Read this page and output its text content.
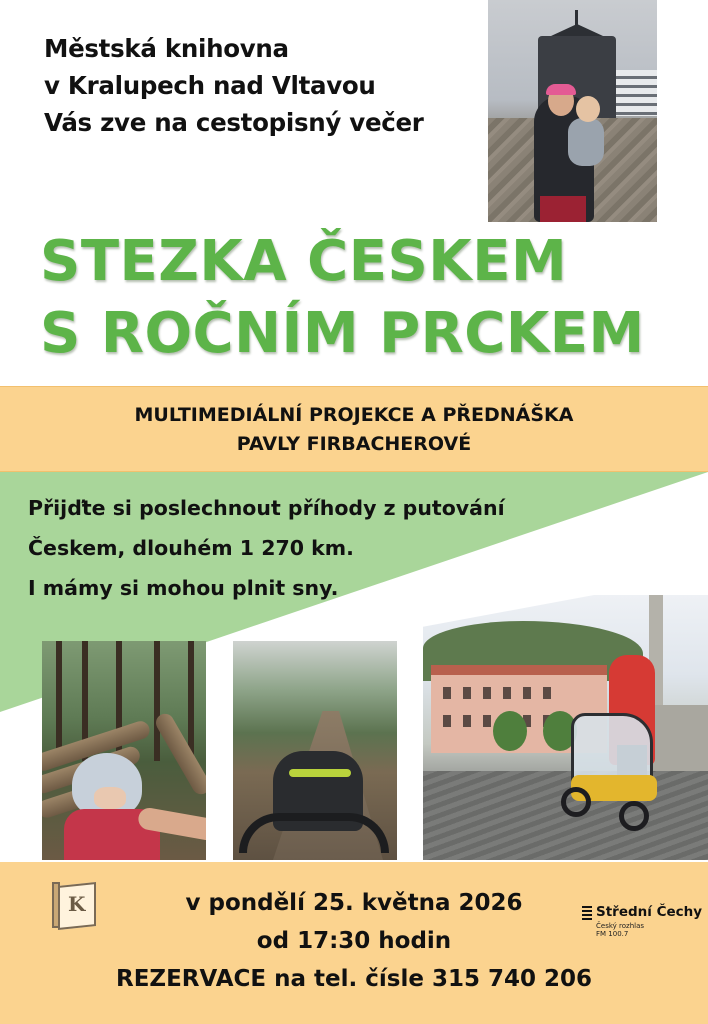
Městská knihovna
v Kralupech nad Vltavou
Vás zve na cestopisný večer
STEZKA ČESKEM
S ROČNÍM PRCKEM
MULTIMEDIÁLNÍ PROJEKCE A PŘEDNÁŠKA
PAVLY FIRBACHEROVÉ
Přijďte si poslechnout příhody z putování
Českem, dlouhém 1 270 km.
I mámy si mohou plnit sny.
K	v pondělí 25. května 2026
od 17:30 hodin
REZERVACE na tel. čísle 315 740 206
Střední Čechy
Český rozhlas
FM 100.7
